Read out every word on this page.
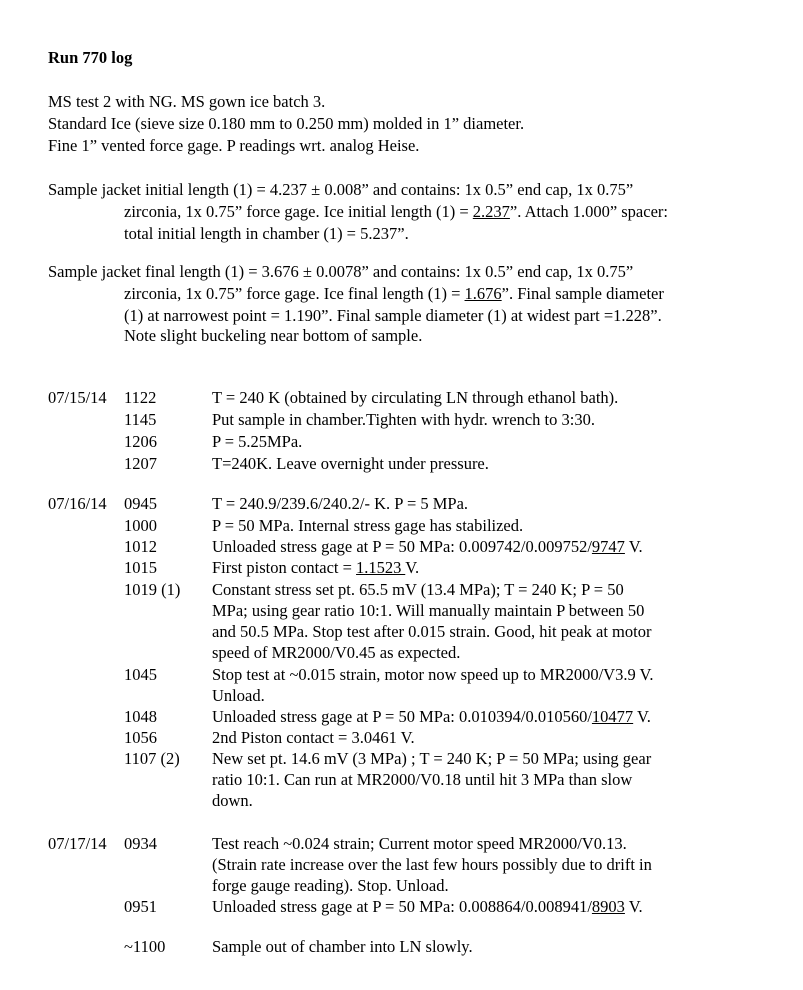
Run 770 log
MS test 2 with NG. MS gown ice batch 3.
Standard Ice (sieve size 0.180 mm to 0.250 mm) molded in 1” diameter.
Fine 1” vented force gage. P readings wrt. analog Heise.
Sample jacket initial length (1) = 4.237 ± 0.008” and contains: 1x 0.5” end cap, 1x 0.75”
zirconia, 1x 0.75” force gage. Ice initial length (1) = 2.237”. Attach 1.000” spacer:
total initial length in chamber (1) = 5.237”.
Sample jacket final length (1) = 3.676 ± 0.0078” and contains: 1x 0.5” end cap, 1x 0.75”
zirconia, 1x 0.75” force gage. Ice final length (1) = 1.676”. Final sample diameter
(1) at narrowest point = 1.190”. Final sample diameter (1) at widest part =1.228”.
Note slight buckeling near bottom of sample.
07/15/14 1122	T = 240 K (obtained by circulating LN through ethanol bath).
1145	Put sample in chamber.Tighten with hydr. wrench to 3:30.
1206	P = 5.25MPa.
1207	T=240K. Leave overnight under pressure.
07/16/14 0945	T = 240.9/239.6/240.2/- K. P = 5 MPa.
1000	P = 50 MPa. Internal stress gage has stabilized.
1012	Unloaded stress gage at P = 50 MPa: 0.009742/0.009752/9747 V.
1015	First piston contact = 1.1523 V.
1019 (1) Constant stress set pt. 65.5 mV (13.4 MPa); T = 240 K; P = 50
MPa; using gear ratio 10:1. Will manually maintain P between 50
and 50.5 MPa. Stop test after 0.015 strain. Good, hit peak at motor
speed of MR2000/V0.45 as expected.
1045	Stop test at ~0.015 strain, motor now speed up to MR2000/V3.9 V.
Unload.
1048	Unloaded stress gage at P = 50 MPa: 0.010394/0.010560/10477 V.
1056	2nd Piston contact = 3.0461 V.
1107 (2) New set pt. 14.6 mV (3 MPa) ; T = 240 K; P = 50 MPa; using gear
ratio 10:1. Can run at MR2000/V0.18 until hit 3 MPa than slow
down.
07/17/14 0934	Test reach ~0.024 strain; Current motor speed MR2000/V0.13.
(Strain rate increase over the last few hours possibly due to drift in
forge gauge reading). Stop. Unload.
0951	Unloaded stress gage at P = 50 MPa: 0.008864/0.008941/8903 V.
~1100	Sample out of chamber into LN slowly.
